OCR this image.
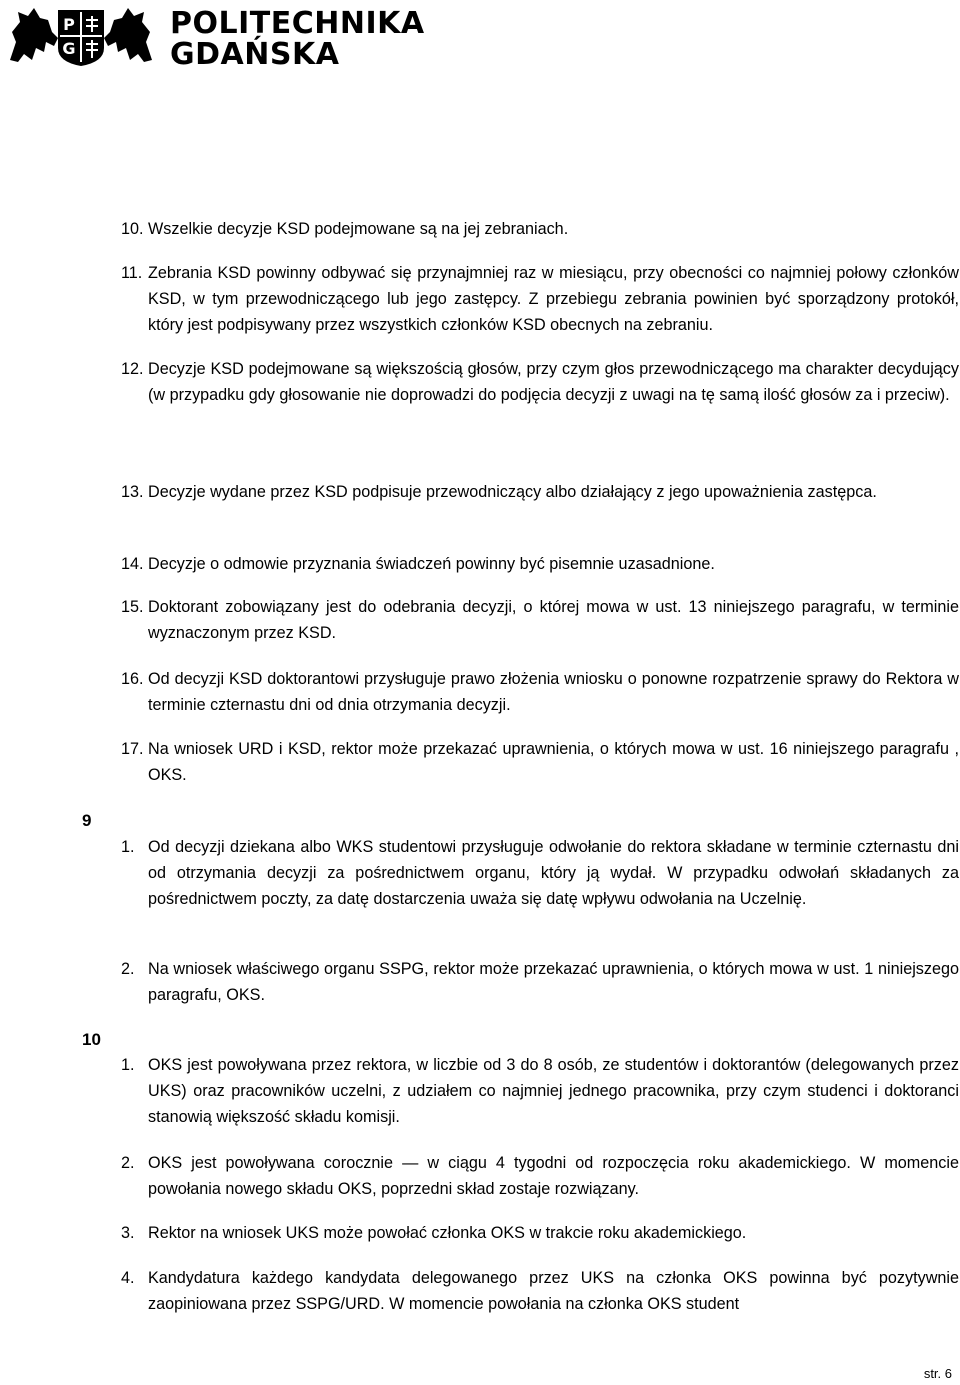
P
G
POLITECHNIKA
GDAŃSKA
10. Wszelkie decyzje KSD podejmowane są na jej zebraniach.
11. Zebrania KSD powinny odbywać się przynajmniej raz w miesiącu, przy obecności co najmniej połowy członków KSD, w tym przewodniczącego lub jego zastępcy. Z przebiegu zebrania powinien być sporządzony protokół, który jest podpisywany przez wszystkich członków KSD obecnych na zebraniu.
12. Decyzje KSD podejmowane są większością głosów, przy czym głos przewodniczącego ma charakter decydujący (w przypadku gdy głosowanie nie doprowadzi do podjęcia decyzji z uwagi na tę samą ilość głosów za i przeciw).
13. Decyzje wydane przez KSD podpisuje przewodniczący albo działający z jego upoważnienia zastępca.
14. Decyzje o odmowie przyznania świadczeń powinny być pisemnie uzasadnione.
15. Doktorant zobowiązany jest do odebrania decyzji, o której mowa w ust. 13 niniejszego paragrafu, w terminie wyznaczonym przez KSD.
16. Od decyzji KSD doktorantowi przysługuje prawo złożenia wniosku o ponowne rozpatrzenie sprawy do Rektora w terminie czternastu dni od dnia otrzymania decyzji.
17. Na wniosek URD i KSD, rektor może przekazać uprawnienia, o których mowa w ust. 16 niniejszego paragrafu , OKS.
9
1. Od decyzji dziekana albo WKS studentowi przysługuje odwołanie do rektora składane w terminie czternastu dni od otrzymania decyzji za pośrednictwem organu, który ją wydał. W przypadku odwołań składanych za pośrednictwem poczty, za datę dostarczenia uważa się datę wpływu odwołania na Uczelnię.
2. Na wniosek właściwego organu SSPG, rektor może przekazać uprawnienia, o których mowa w ust. 1 niniejszego paragrafu, OKS.
10
1. OKS jest powoływana przez rektora, w liczbie od 3 do 8 osób, ze studentów i doktorantów (delegowanych przez UKS) oraz pracowników uczelni, z udziałem co najmniej jednego pracownika, przy czym studenci i doktoranci stanowią większość składu komisji.
2. OKS jest powoływana corocznie — w ciągu 4 tygodni od rozpoczęcia roku akademickiego. W momencie powołania nowego składu OKS, poprzedni skład zostaje rozwiązany.
3. Rektor na wniosek UKS może powołać członka OKS w trakcie roku akademickiego.
4. Kandydatura każdego kandydata delegowanego przez UKS na członka OKS powinna być pozytywnie zaopiniowana przez SSPG/URD. W momencie powołania na członka OKS student
str. 6
